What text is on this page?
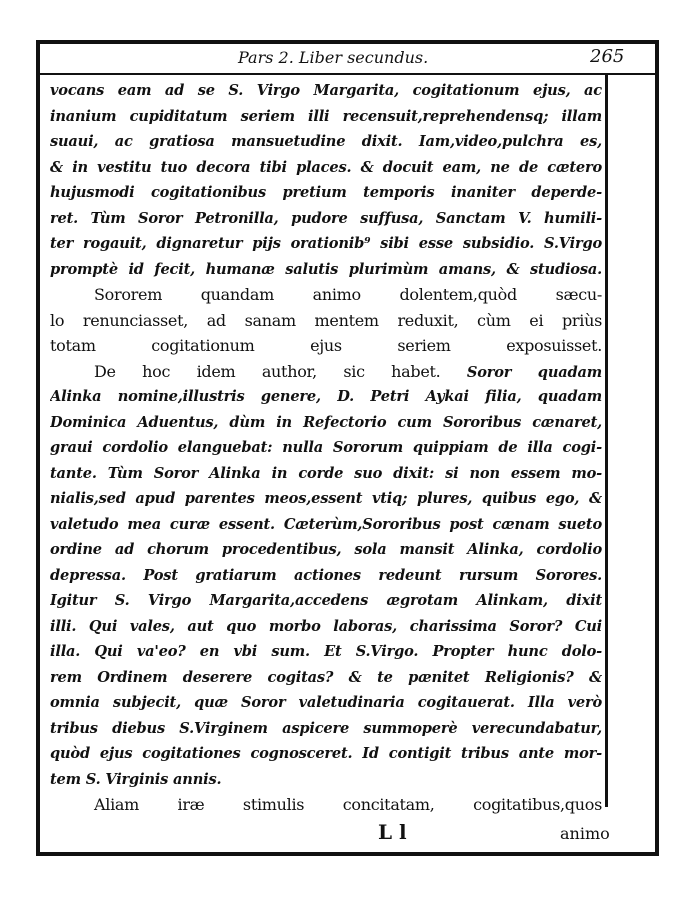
Pars 2. Liber secundus.	265
vocans eam ad se S. Virgo Margarita, cogitationum ejus, ac
inanium cupiditatum seriem illi recensuit,reprehendensq; illam
suaui, ac gratiosa mansuetudine dixit. Iam,video,pulchra es,
& in vestitu tuo decora tibi places. & docuit eam, ne de cætero
hujusmodi cogitationibus pretium temporis inaniter deperde-
ret. Tùm Soror Petronilla, pudore suffusa, Sanctam V. humili-
ter rogauit, dignaretur pijs orationib⁹ sibi esse subsidio. S.Virgo
promptè id fecit, humanæ salutis plurimùm amans, & studiosa.
Sororem quandam animo dolentem,quòd sæcu-
lo renunciasset, ad sanam mentem reduxit, cùm ei priùs
totam cogitationum ejus seriem exposuisset.
De hoc idem author, sic habet. Soror quadam
Alinka nomine,illustris genere, D. Petri Aykai filia, quadam
Dominica Aduentus, dùm in Refectorio cum Sororibus cænaret,
graui cordolio elanguebat: nulla Sororum quippiam de illa cogi-
tante. Tùm Soror Alinka in corde suo dixit: si non essem mo-
nialis,sed apud parentes meos,essent vtiq; plures, quibus ego, &
valetudo mea curæ essent. Cæterùm,Sororibus post cænam sueto
ordine ad chorum procedentibus, sola mansit Alinka, cordolio
depressa. Post gratiarum actiones redeunt rursum Sorores.
Igitur S. Virgo Margarita,accedens ægrotam Alinkam, dixit
illi. Qui vales, aut quo morbo laboras, charissima Soror? Cui
illa. Qui va'eo? en vbi sum. Et S.Virgo. Propter hunc dolo-
rem Ordinem deserere cogitas? & te pænitet Religionis? &
omnia subjecit, quæ Soror valetudinaria cogitauerat. Illa verò
tribus diebus S.Virginem aspicere summoperè verecundabatur,
quòd ejus cogitationes cognosceret. Id contigit tribus ante mor-
tem S. Virginis annis.
Aliam iræ stimulis concitatam, cogitatibus,quos
L l	animo
